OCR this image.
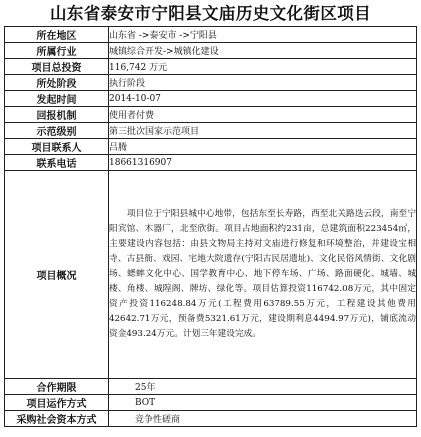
山东省泰安市宁阳县文庙历史文化街区项目
所在地区	山东省 ->泰安市 ->宁阳县
所属行业	城镇综合开发->城镇化建设
项目总投资	116,742 万元
所处阶段	执行阶段
发起时间	2014-10-07
回报机制	使用者付费
示范级别	第三批次国家示范项目
项目联系人	吕腾
联系电话	18661316907
项目概况	项目位于宁阳县城中心地带，包括东至长寿路，西至北关路迭云段，南至宁阳宾馆、木器厂，北至欣街。项目占地面积约231亩，总建筑面积223454㎡，主要建设内容包括：由县文物局主持对文庙进行修复和环境整治，并建设宝相寺、古县衙、戏园、宅地大院遗存(宁阳古民居遗址)、文化民俗风情街、文化剧场、蟋蟀文化中心、国学教育中心、地下停车场、广场、路面硬化、城墙、城楼、角楼、城隍阁、牌坊、绿化等。项目估算投资116742.08万元，其中固定资产投资116248.84万元(工程费用63789.55万元，工程建设其他费用42642.71万元，预备费5321.61万元，建设期利息4494.97万元)，铺底流动资金493.24万元。计划三年建设完成。

合作期限	25年
项目运作方式	BOT
采购社会资本方式	竞争性磋商
